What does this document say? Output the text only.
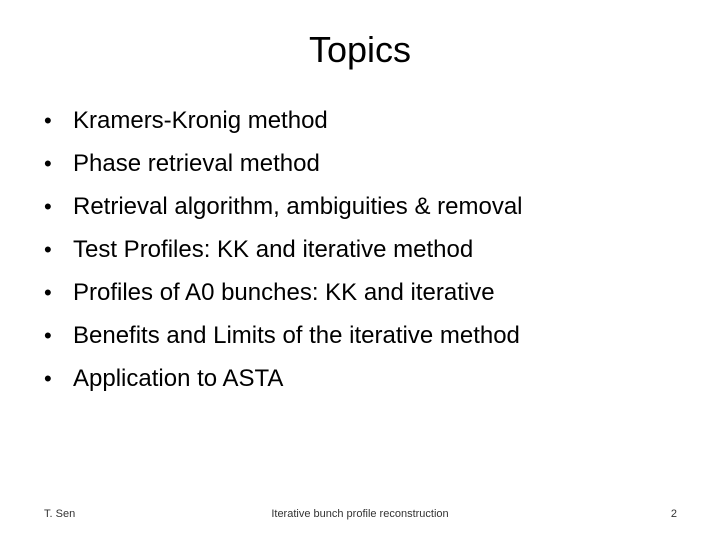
Topics
• Kramers-Kronig method
• Phase retrieval method
• Retrieval algorithm, ambiguities & removal
• Test Profiles: KK and iterative method
• Profiles of A0 bunches: KK and iterative
• Benefits and Limits of the iterative method
• Application to ASTA
T. Sen	Iterative bunch profile reconstruction	2
